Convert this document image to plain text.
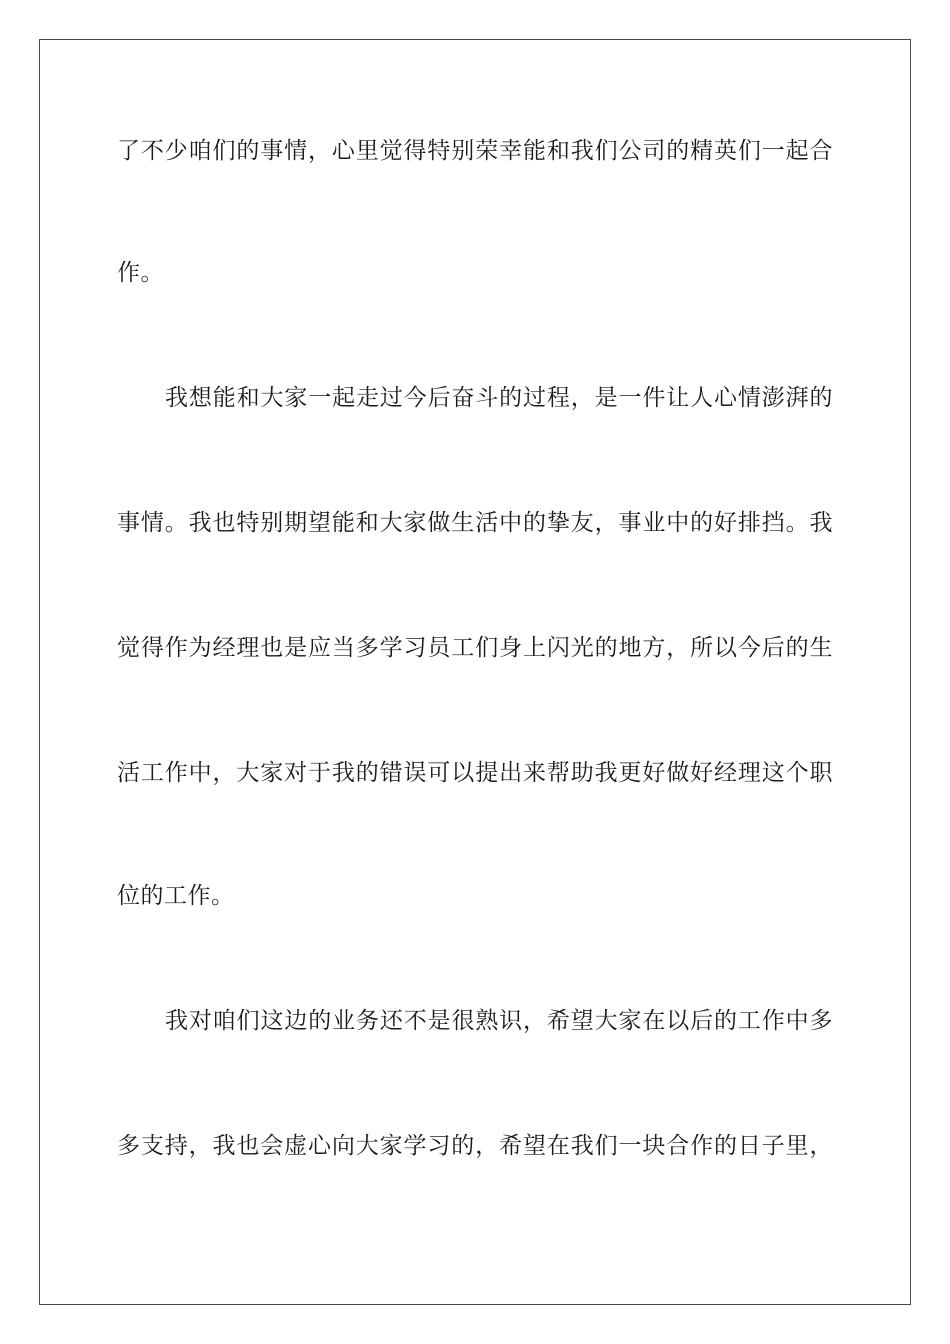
了不少咱们的事情，心里觉得特别荣幸能和我们公司的精英们一起合
作。
我想能和大家一起走过今后奋斗的过程，是一件让人心情澎湃的
事情。我也特别期望能和大家做生活中的挚友，事业中的好排挡。我
觉得作为经理也是应当多学习员工们身上闪光的地方，所以今后的生
活工作中，大家对于我的错误可以提出来帮助我更好做好经理这个职
位的工作。
我对咱们这边的业务还不是很熟识，希望大家在以后的工作中多
多支持，我也会虚心向大家学习的，希望在我们一块合作的日子里，
